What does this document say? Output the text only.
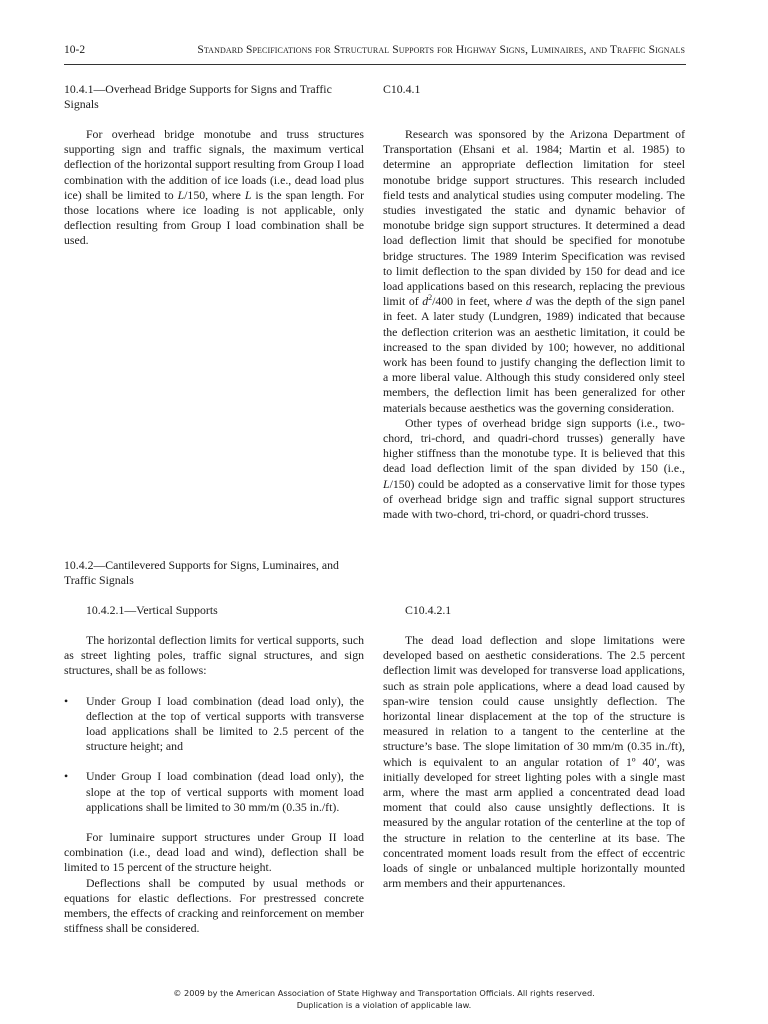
10-2	Standard Specifications for Structural Supports for Highway Signs, Luminaires, and Traffic Signals
10.4.1—Overhead Bridge Supports for Signs and Traffic Signals
For overhead bridge monotube and truss structures supporting sign and traffic signals, the maximum vertical deflection of the horizontal support resulting from Group I load combination with the addition of ice loads (i.e., dead load plus ice) shall be limited to L/150, where L is the span length. For those locations where ice loading is not applicable, only deflection resulting from Group I load combination shall be used.
C10.4.1

Research was sponsored by the Arizona Department of Transportation (Ehsani et al. 1984; Martin et al. 1985) to determine an appropriate deflection limitation for steel monotube bridge support structures. This research included field tests and analytical studies using computer modeling. The studies investigated the static and dynamic behavior of monotube bridge sign support structures. It determined a dead load deflection limit that should be specified for monotube bridge structures. The 1989 Interim Specification was revised to limit deflection to the span divided by 150 for dead and ice load applications based on this research, replacing the previous limit of $d^2/400$ in feet, where d was the depth of the sign panel in feet. A later study (Lundgren, 1989) indicated that because the deflection criterion was an aesthetic limitation, it could be increased to the span divided by 100; however, no additional work has been found to justify changing the deflection limit to a more liberal value. Although this study considered only steel members, the deflection limit has been generalized for other materials because aesthetics was the governing consideration.

Other types of overhead bridge sign supports (i.e., two-chord, tri-chord, and quadri-chord trusses) generally have higher stiffness than the monotube type. It is believed that this dead load deflection limit of the span divided by 150 (i.e., L/150) could be adopted as a conservative limit for those types of overhead bridge sign and traffic signal support structures made with two-chord, tri-chord, or quadri-chord trusses.

10.4.2—Cantilevered Supports for Signs, Luminaires, and Traffic Signals
10.4.2.1—Vertical Supports	C10.4.2.1

The horizontal deflection limits for vertical supports, such as street lighting poles, traffic signal structures, and sign structures, shall be as follows:

• Under Group I load combination (dead load only), the deflection at the top of vertical supports with transverse load applications shall be limited to 2.5 percent of the structure height; and
• Under Group I load combination (dead load only), the slope at the top of vertical supports with moment load applications shall be limited to 30 mm/m (0.35 in./ft).

For luminaire support structures under Group II load combination (i.e., dead load and wind), deflection shall be limited to 15 percent of the structure height.

Deflections shall be computed by usual methods or equations for elastic deflections. For prestressed concrete members, the effects of cracking and reinforcement on member stiffness shall be considered.

The dead load deflection and slope limitations were developed based on aesthetic considerations. The 2.5 percent deflection limit was developed for transverse load applications, such as strain pole applications, where a dead load caused by span-wire tension could cause unsightly deflection. The horizontal linear displacement at the top of the structure is measured in relation to a tangent to the centerline at the structure’s base. The slope limitation of 30 mm/m (0.35 in./ft), which is equivalent to an angular rotation of 1º 40′, was initially developed for street lighting poles with a single mast arm, where the mast arm applied a concentrated dead load moment that could also cause unsightly deflections. It is measured by the angular rotation of the centerline at the top of the structure in relation to the centerline at its base. The concentrated moment loads result from the effect of eccentric loads of single or unbalanced multiple horizontally mounted arm members and their appurtenances.
© 2009 by the American Association of State Highway and Transportation Officials. All rights reserved.
Duplication is a violation of applicable law.
